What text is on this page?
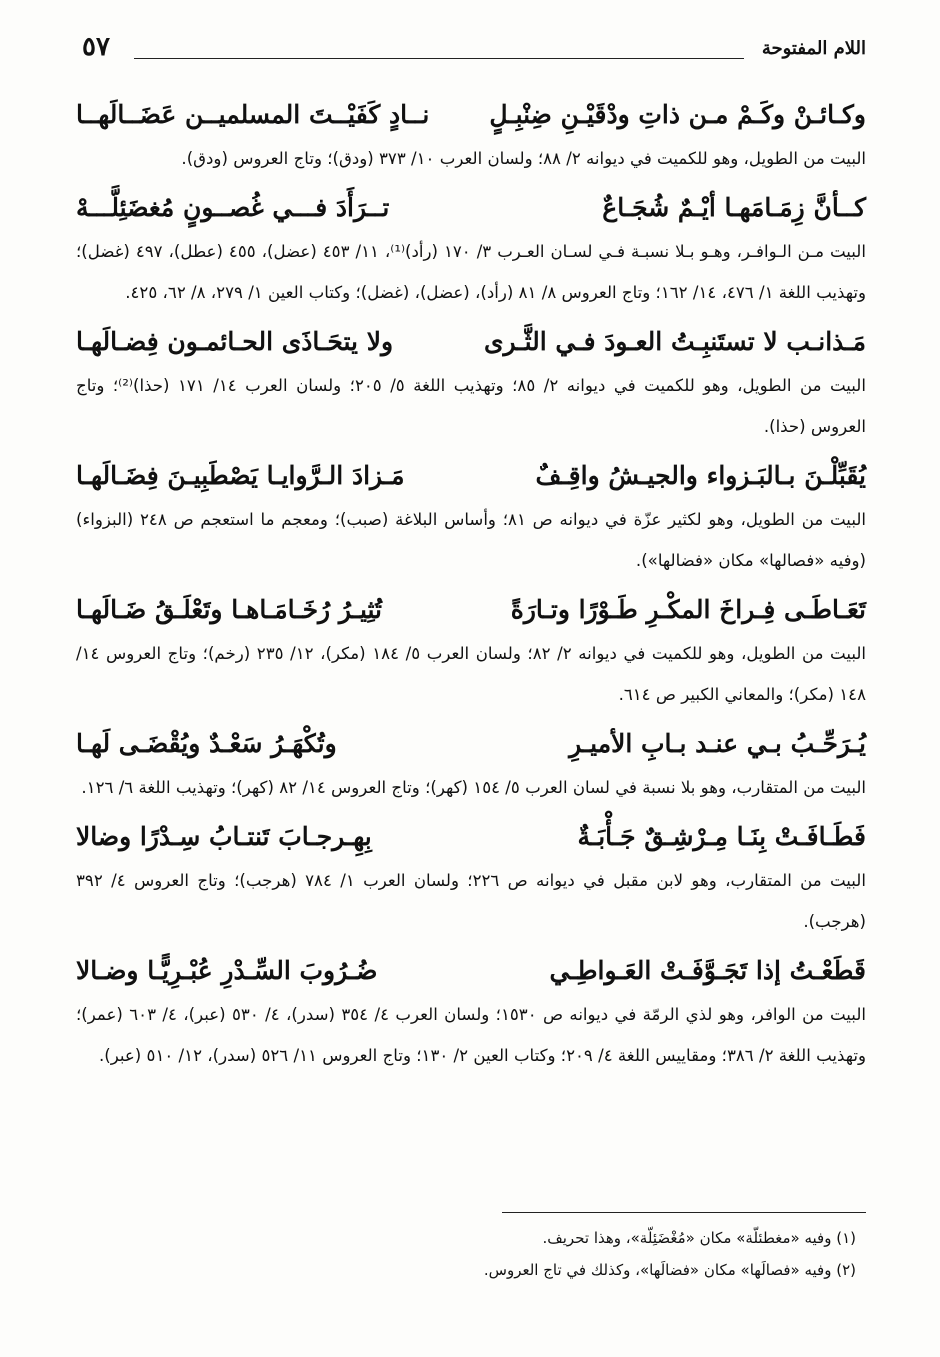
اللام المفتوحة
٥٧
وكـائـنْ وكَـمْ مـن ذاتِ ودْقَيْـنِ ضِنْبِـلٍ
نــادٍ كَفَيْــتَ المسلميــن عَضَــالَهــا

البيت من الطويل، وهو للكميت في ديوانه ٢/ ٨٨؛ ولسان العرب ١٠/ ٣٧٣ (ودق)؛ وتاج العروس (ودق).

كــأنَّ زِمَـامَهـا أيْـمٌ شُجَـاعٌ
تــرَأَدَ فـــي غُصــونٍ مُغضَئِلَّـــهْ

البيت مـن الـوافـر، وهـو بـلا نسبـة فـي لسـان العـرب ٣/ ١٧٠ (رأد)⁽¹⁾، ١١/ ٤٥٣ (عضل)، ٤٥٥ (عطل)، ٤٩٧ (غضل)؛ وتهذيب اللغة ١/ ٤٧٦، ١٤/ ١٦٢؛ وتاج العروس ٨/ ٨١ (رأد)، (عضل)، (غضل)؛ وكتاب العين ١/ ٢٧٩، ٨/ ٦٢، ٤٢٥.

مَـذانـب لا تستَنبِـتُ العـودَ فـي الثَّـرى
ولا يتحَـاذَى الحـائمـون فِضـالَهـا

البيت من الطويل، وهو للكميت في ديوانه ٢/ ٨٥؛ وتهذيب اللغة ٥/ ٢٠٥؛ ولسان العرب ١٤/ ١٧١ (حذا)⁽²⁾؛ وتاج العروس (حذا).

يُقَبِّلْـنَ بـالبَـزواء والجيـشُ واقِـفٌ
مَـزادَ الـرَّوايـا يَصْطَبِيـنَ فِضَـالَهـا

البيت من الطويل، وهو لكثير عزّة في ديوانه ص ٨١؛ وأساس البلاغة (صبب)؛ ومعجم ما استعجم ص ٢٤٨ (البزواء) (وفيه «فصالها» مكان «فضالها»).

تَعَـاطَـى فِـراخَ المكْـرِ طَـوْرًا وتـارَةً
تُثِيـرُ رُخَـامَـاهـا وتَعْلَـقُ ضَـالَهـا

البيت من الطويل، وهو للكميت في ديوانه ٢/ ٨٢؛ ولسان العرب ٥/ ١٨٤ (مكر)، ١٢/ ٢٣٥ (رخم)؛ وتاج العروس ١٤/ ١٤٨ (مكر)؛ والمعاني الكبير ص ٦١٤.

يُـرَحِّـبُ بـي عنـد بـابِ الأميـرِ
وتُكْهَـرُ سَعْـدٌ ويُقْضَـى لَهـا

البيت من المتقارب، وهو بلا نسبة في لسان العرب ٥/ ١٥٤ (كهر)؛ وتاج العروس ١٤/ ٨٢ (كهر)؛ وتهذيب اللغة ٦/ ١٢٦.

فَطَـافَـتْ بِنَـا مِـرْشِـقٌ جَـأْبَـةٌ
بِهِـرجـابَ تَنتـابُ سِـدْرًا وضالا

البيت من المتقارب، وهو لابن مقبل في ديوانه ص ٢٢٦؛ ولسان العرب ١/ ٧٨٤ (هرجب)؛ وتاج العروس ٤/ ٣٩٢ (هرجب).

قَطَعْـتُ إذا تَجَـوَّفَـتْ العَـواطِـي
ضُـرُوبَ السِّـدْرِ عُبْـرِيًّـا وضـالا

البيت من الوافر، وهو لذي الرمّة في ديوانه ص ١٥٣٠؛ ولسان العرب ٤/ ٣٥٤ (سدر)، ٤/ ٥٣٠ (عبر)، ٤/ ٦٠٣ (عمر)؛ وتهذيب اللغة ٢/ ٣٨٦؛ ومقاييس اللغة ٤/ ٢٠٩؛ وكتاب العين ٢/ ١٣٠؛ وتاج العروس ١١/ ٥٢٦ (سدر)، ١٢/ ٥١٠ (عبر).

(١) وفيه «مغطئلّة» مكان «مُغْضَئِلّة»، وهذا تحريف.
(٢) وفيه «فصالَها» مكان «فضالَها»، وكذلك في تاج العروس.
